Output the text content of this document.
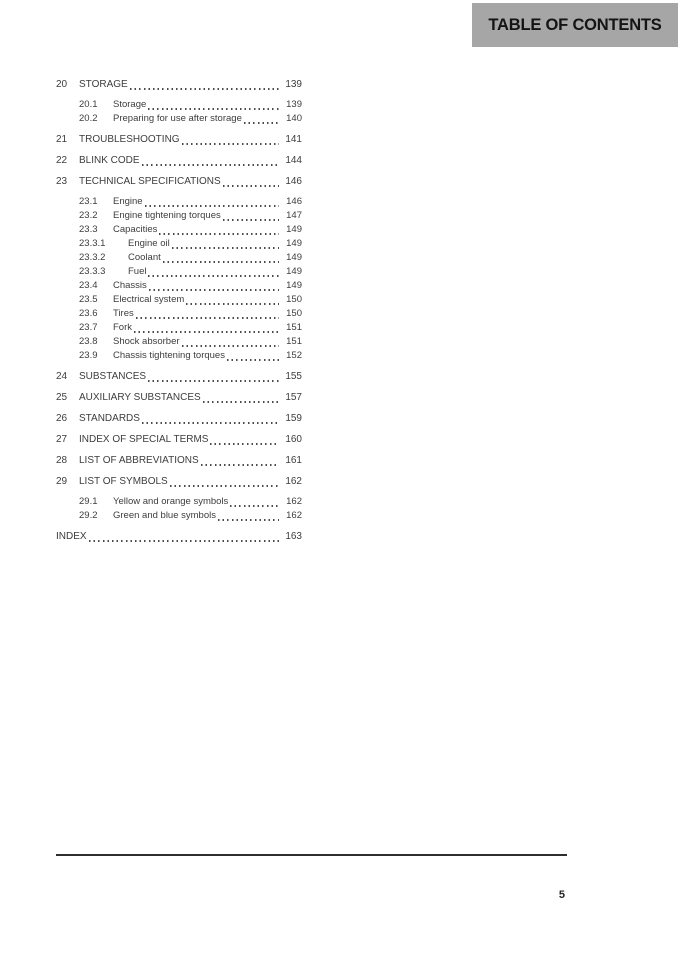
TABLE OF CONTENTS
20	STORAGE	139
20.1	Storage	139
20.2	Preparing for use after storage	140
21	TROUBLESHOOTING	141
22	BLINK CODE	144
23	TECHNICAL SPECIFICATIONS	146
23.1	Engine	146
23.2	Engine tightening torques	147
23.3	Capacities	149
23.3.1	Engine oil	149
23.3.2	Coolant	149
23.3.3	Fuel	149
23.4	Chassis	149
23.5	Electrical system	150
23.6	Tires	150
23.7	Fork	151
23.8	Shock absorber	151
23.9	Chassis tightening torques	152
24	SUBSTANCES	155
25	AUXILIARY SUBSTANCES	157
26	STANDARDS	159
27	INDEX OF SPECIAL TERMS	160
28	LIST OF ABBREVIATIONS	161
29	LIST OF SYMBOLS	162
29.1	Yellow and orange symbols	162
29.2	Green and blue symbols	162
INDEX	163
5
